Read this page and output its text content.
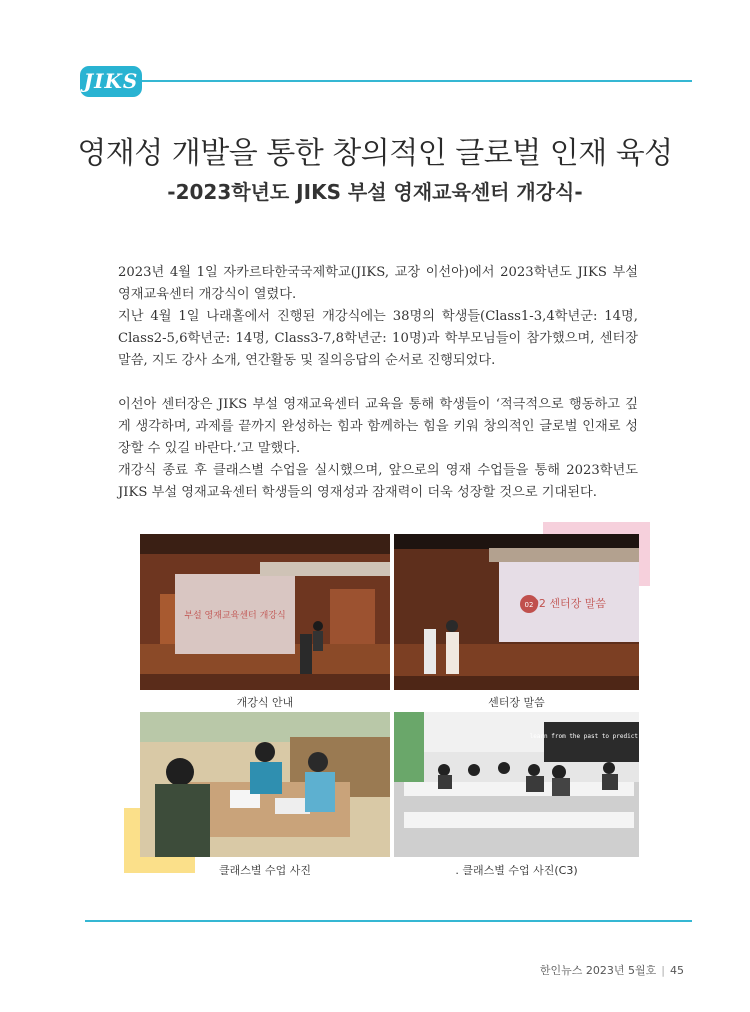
JIKS
영재성 개발을 통한 창의적인 글로벌 인재 육성
-2023학년도 JIKS 부설 영재교육센터 개강식-

2023년 4월 1일 자카르타한국국제학교(JIKS, 교장 이선아)에서 2023학년도 JIKS 부설 영재교육센터 개강식이 열렸다.

지난 4월 1일 나래홀에서 진행된 개강식에는 38명의 학생들(Class1-3,4학년군: 14명, Class2-5,6학년군: 14명, Class3-7,8학년군: 10명)과 학부모님들이 참가했으며, 센터장 말씀, 지도 강사 소개, 연간활동 및 질의응답의 순서로 진행되었다.

이선아 센터장은 JIKS 부설 영재교육센터 교육을 통해 학생들이 ‘적극적으로 행동하고 깊게 생각하며, 과제를 끝까지 완성하는 힘과 함께하는 힘을 키워 창의적인 글로벌 인재로 성장할 수 있길 바란다.’고 말했다.

개강식 종료 후 클래스별 수업을 실시했으며, 앞으로의 영재 수업들을 통해 2023학년도 JIKS 부설 영재교육센터 학생들의 영재성과 잠재력이 더욱 성장할 것으로 기대된다.

부설 영재교육센터 개강식
02
02 센터장 말씀
learn from the past to predict the
개강식 안내	센터장 말씀
클래스별 수업 사진	. 클래스별 수업 사진(C3)
한인뉴스 2023년 5월호 | 45
